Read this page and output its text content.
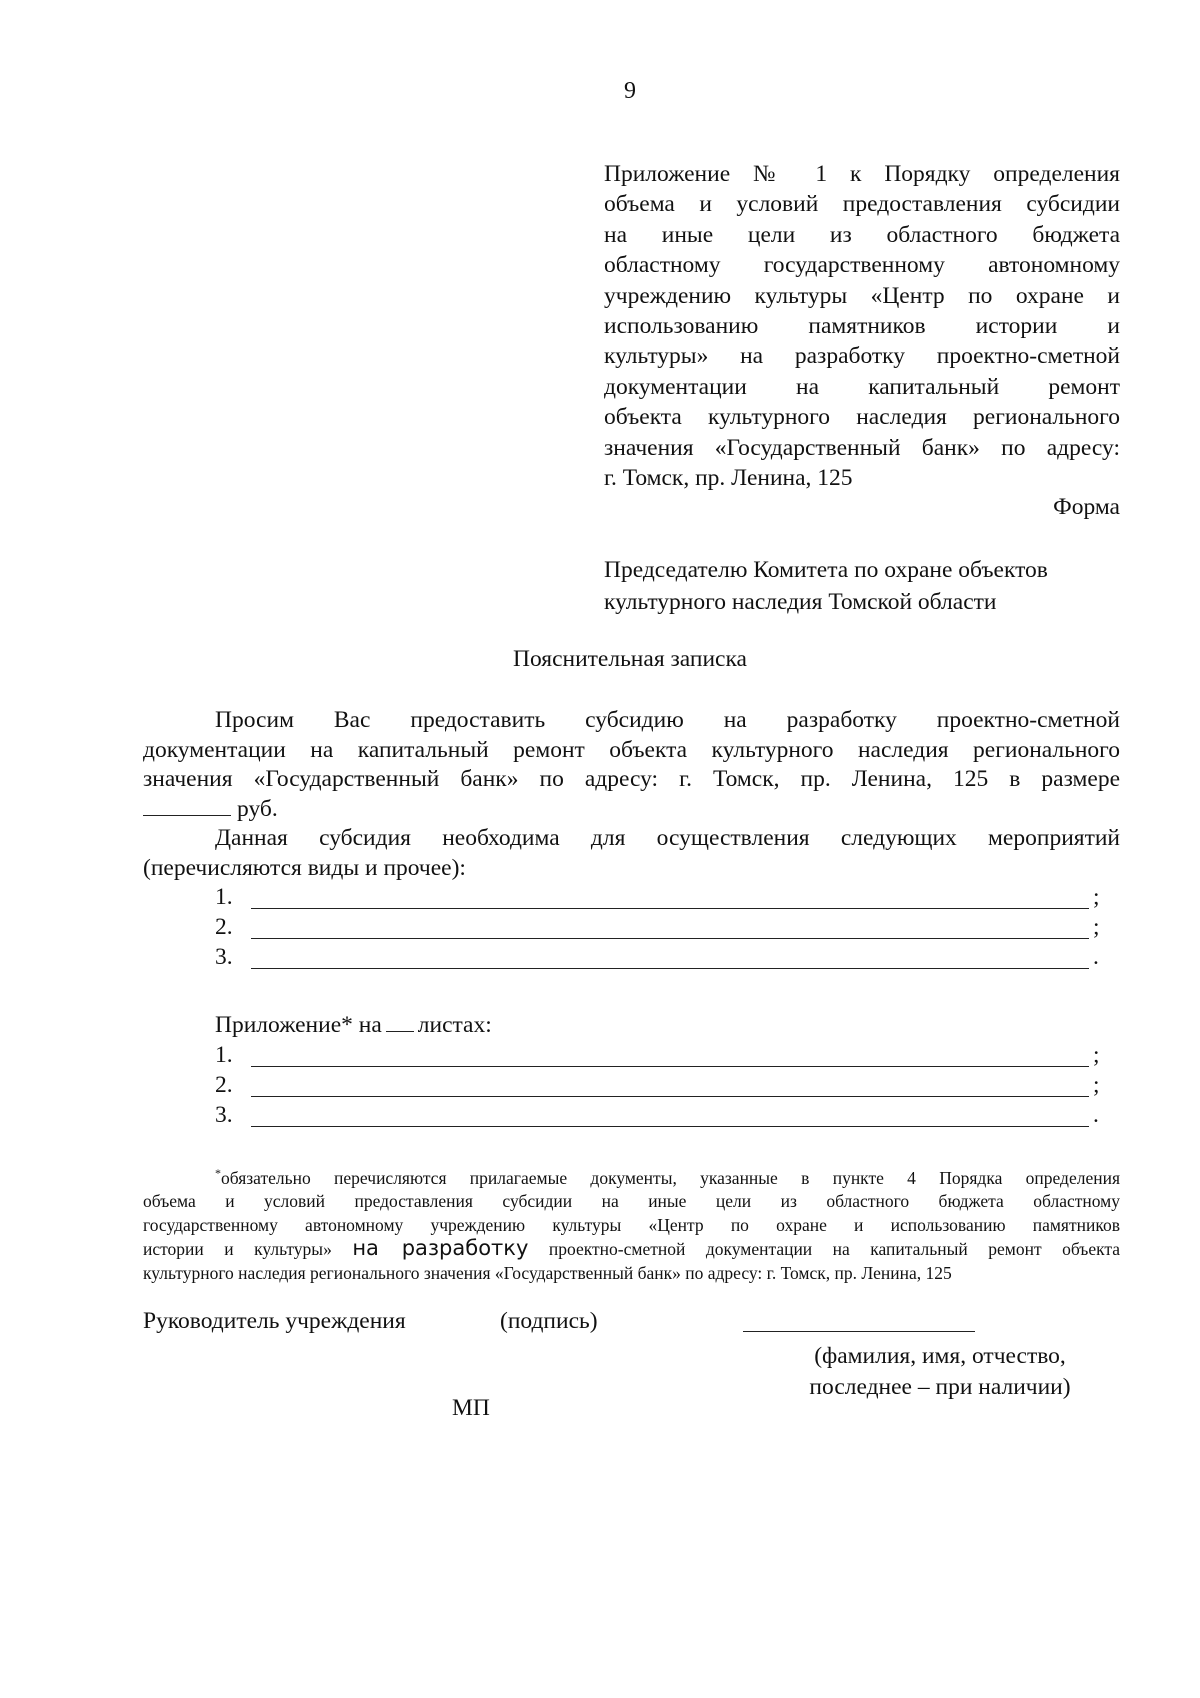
9
Приложение № 1 к Порядку определения
объема и условий предоставления субсидии
на иные цели из областного бюджета
областному государственному автономному
учреждению культуры «Центр по охране и
использованию памятников истории и
культуры» на разработку проектно-сметной
документации на капитальный ремонт
объекта культурного наследия регионального
значения «Государственный банк» по адресу:
г. Томск, пр. Ленина, 125
Форма
Председателю Комитета по охране объектов
культурного наследия Томской области
Пояснительная записка
Просим Вас предоставить субсидию на разработку проектно-сметной
документации на капитальный ремонт объекта культурного наследия регионального
значения «Государственный банк» по адресу: г. Томск, пр. Ленина, 125 в размере
руб.
Данная субсидия необходима для осуществления следующих мероприятий
(перечисляются виды и прочее):
1.	;
2.	;
3.	.
Приложение* на листах:
1.	;
2.	;
3.	.
*обязательно перечисляются прилагаемые документы, указанные в пункте 4 Порядка определения
объема и условий предоставления субсидии на иные цели из областного бюджета областному
государственному автономному учреждению культуры «Центр по охране и использованию памятников
истории и культуры» на разработку проектно-сметной документации на капитальный ремонт объекта
культурного наследия регионального значения «Государственный банк» по адресу: г. Томск, пр. Ленина, 125
Руководитель учреждения	(подпись)
(фамилия, имя, отчество,
последнее – при наличии)
МП
